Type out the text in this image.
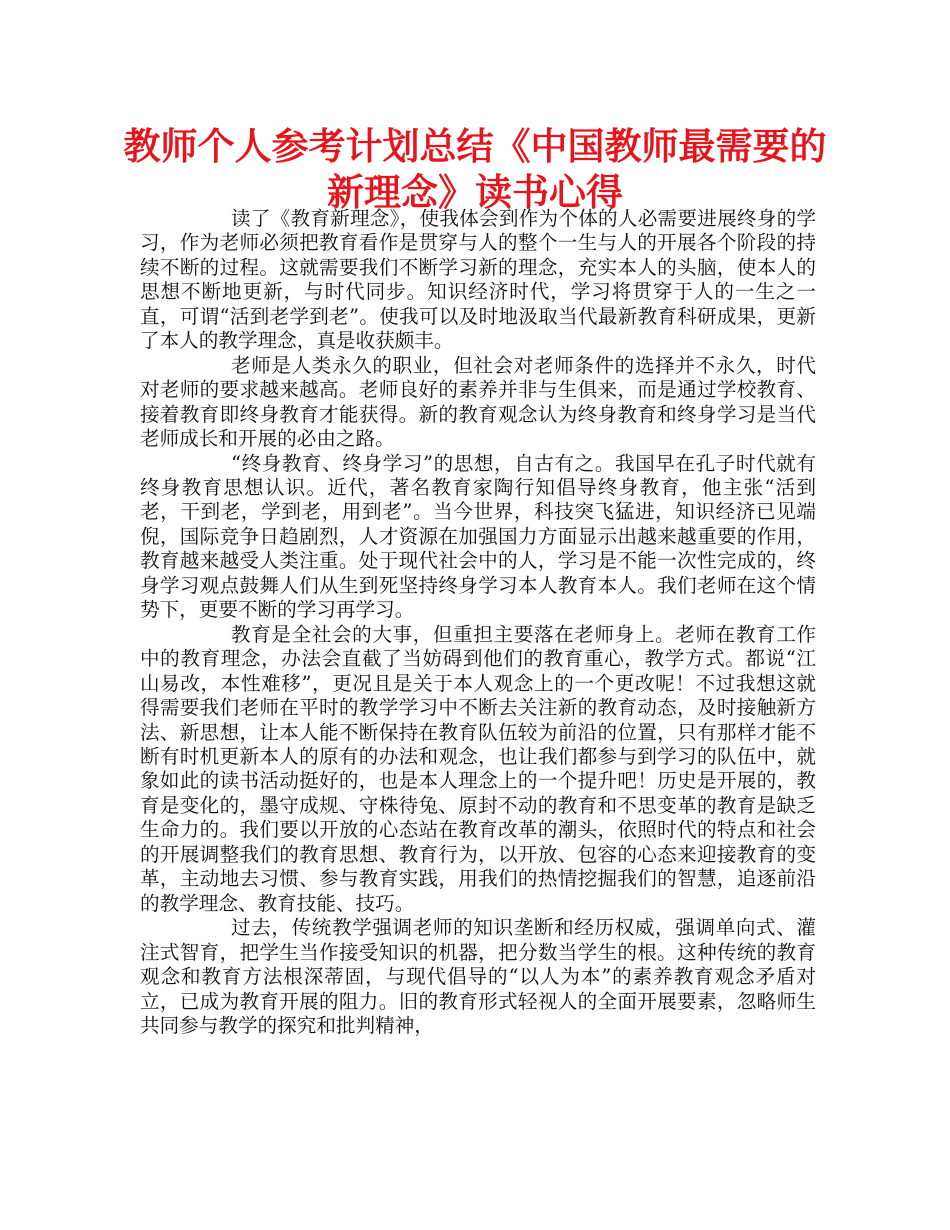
教师个人参考计划总结《中国教师最需要的新理念》读书心得

读了《教育新理念》，使我体会到作为个体的人必需要进展终身的学习，作为老师必须把教育看作是贯穿与人的整个一生与人的开展各个阶段的持续不断的过程。这就需要我们不断学习新的理念，充实本人的头脑，使本人的思想不断地更新，与时代同步。知识经济时代，学习将贯穿于人的一生之一直，可谓“活到老学到老”。使我可以及时地汲取当代最新教育科研成果，更新了本人的教学理念，真是收获颇丰。

老师是人类永久的职业，但社会对老师条件的选择并不永久，时代对老师的要求越来越高。老师良好的素养并非与生俱来，而是通过学校教育、接着教育即终身教育才能获得。新的教育观念认为终身教育和终身学习是当代老师成长和开展的必由之路。

“终身教育、终身学习”的思想，自古有之。我国早在孔子时代就有终身教育思想认识。近代，著名教育家陶行知倡导终身教育，他主张“活到老，干到老，学到老，用到老”。当今世界，科技突飞猛进，知识经济已见端倪，国际竞争日趋剧烈，人才资源在加强国力方面显示出越来越重要的作用，教育越来越受人类注重。处于现代社会中的人，学习是不能一次性完成的，终身学习观点鼓舞人们从生到死坚持终身学习本人教育本人。我们老师在这个情势下，更要不断的学习再学习。

教育是全社会的大事，但重担主要落在老师身上。老师在教育工作中的教育理念，办法会直截了当妨碍到他们的教育重心，教学方式。都说“江山易改，本性难移”，更况且是关于本人观念上的一个更改呢！不过我想这就得需要我们老师在平时的教学学习中不断去关注新的教育动态，及时接触新方法、新思想，让本人能不断保持在教育队伍较为前沿的位置，只有那样才能不断有时机更新本人的原有的办法和观念，也让我们都参与到学习的队伍中，就象如此的读书活动挺好的，也是本人理念上的一个提升吧！历史是开展的，教育是变化的，墨守成规、守株待兔、原封不动的教育和不思变革的教育是缺乏生命力的。我们要以开放的心态站在教育改革的潮头，依照时代的特点和社会的开展调整我们的教育思想、教育行为，以开放、包容的心态来迎接教育的变革，主动地去习惯、参与教育实践，用我们的热情挖掘我们的智慧，追逐前沿的教学理念、教育技能、技巧。

过去，传统教学强调老师的知识垄断和经历权威，强调单向式、灌注式智育，把学生当作接受知识的机器，把分数当学生的根。这种传统的教育观念和教育方法根深蒂固，与现代倡导的“以人为本”的素养教育观念矛盾对立，已成为教育开展的阻力。旧的教育形式轻视人的全面开展要素，忽略师生共同参与教学的探究和批判精神，
